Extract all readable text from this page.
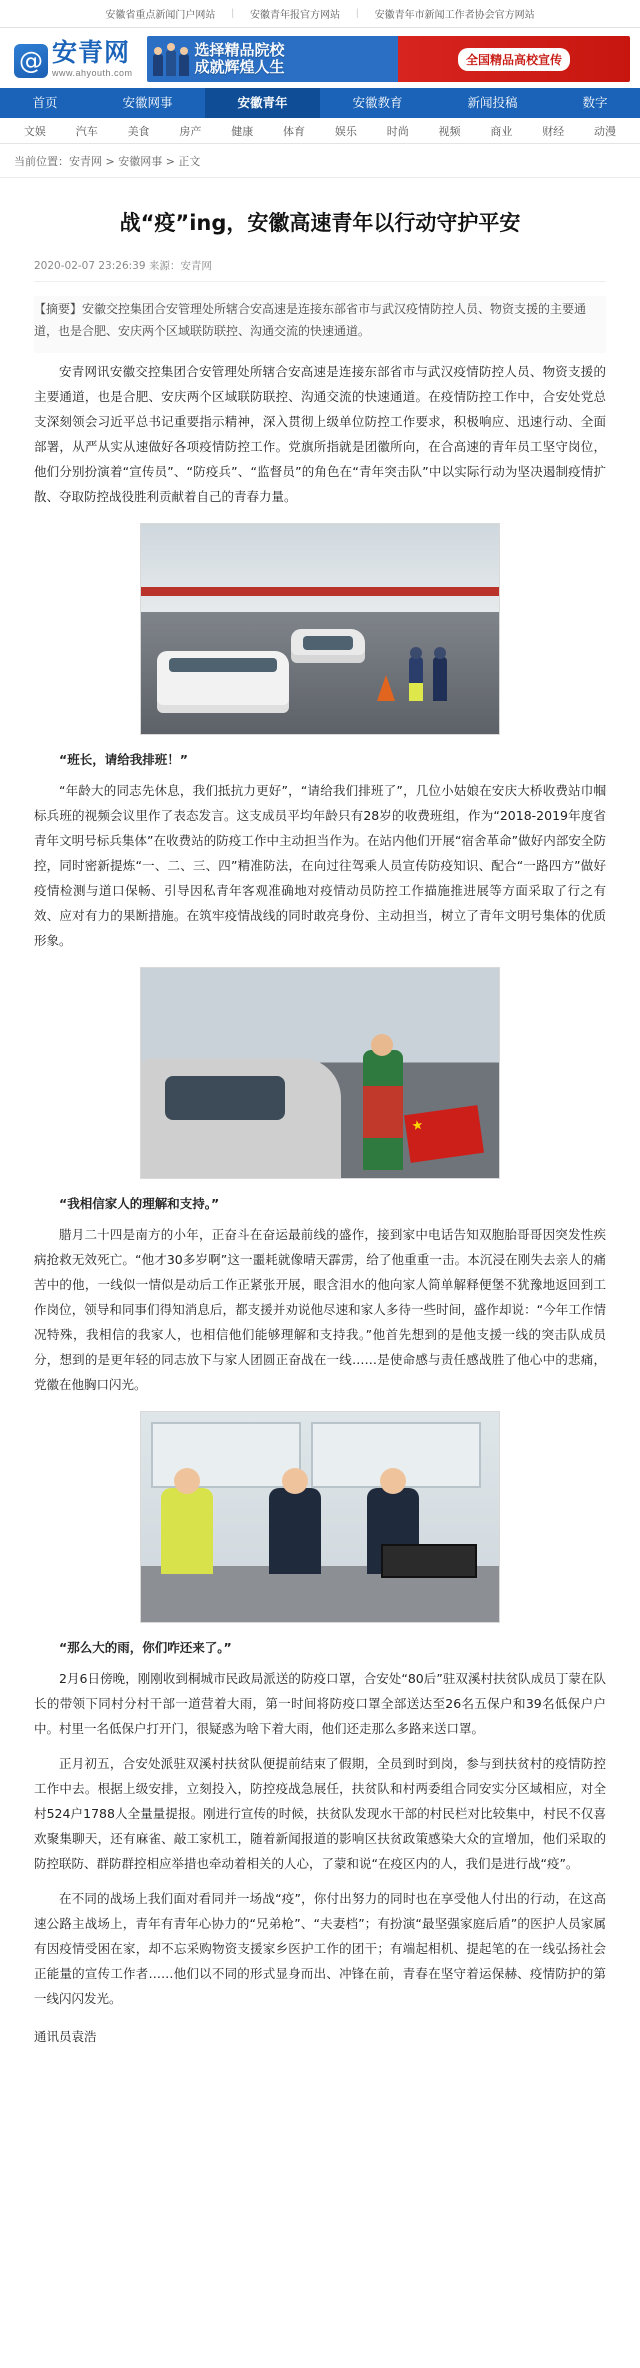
安徽省重点新闻门户网站 | 安徽青年报官方网站 | 安徽青年市新闻工作者协会官方网站
@ 安青网
www.ahyouth.com
选择精品院校
成就辉煌人生	全国精品高校宣传
首页	安徽网事	安徽青年	安徽教育	新闻投稿	数字
文娱	汽车	美食	房产	健康	体育	娱乐	时尚	视频	商业	财经	动漫
当前位置：安青网 > 安徽网事 > 正文
战“疫”ing，安徽高速青年以行动守护平安
2020-02-07 23:26:39 来源：安青网
【摘要】安徽交控集团合安管理处所辖合安高速是连接东部省市与武汉疫情防控人员、物资支援的主要通道，也是合肥、安庆两个区域联防联控、沟通交流的快速通道。

安青网讯安徽交控集团合安管理处所辖合安高速是连接东部省市与武汉疫情防控人员、物资支援的主要通道，也是合肥、安庆两个区域联防联控、沟通交流的快速通道。在疫情防控工作中，合安处党总支深刻领会习近平总书记重要指示精神，深入贯彻上级单位防控工作要求，积极响应、迅速行动、全面部署，从严从实从速做好各项疫情防控工作。党旗所指就是团徽所向，在合高速的青年员工坚守岗位，他们分别扮演着“宣传员”、“防疫兵”、“监督员”的角色在“青年突击队”中以实际行动为坚决遏制疫情扩散、夺取防控战役胜利贡献着自己的青春力量。

“班长，请给我排班！”

“年龄大的同志先休息，我们抵抗力更好”，“请给我们排班了”，几位小姑娘在安庆大桥收费站巾帼标兵班的视频会议里作了表态发言。这支成员平均年龄只有28岁的收费班组，作为“2018-2019年度省青年文明号标兵集体”在收费站的防疫工作中主动担当作为。在站内他们开展“宿舍革命”做好内部安全防控，同时密新提炼“一、二、三、四”精准防法，在向过往驾乘人员宣传防疫知识、配合“一路四方”做好疫情检测与道口保畅、引导因私青年客观准确地对疫情动员防控工作描施推进展等方面采取了行之有效、应对有力的果断措施。在筑牢疫情战线的同时敢亮身份、主动担当，树立了青年文明号集体的优质形象。

★

“我相信家人的理解和支持。”

腊月二十四是南方的小年，正奋斗在奋运最前线的盛作，接到家中电话告知双胞胎哥哥因突发性疾病抢救无效死亡。“他才30多岁啊”这一噩耗就像晴天霹雳，给了他重重一击。本沉浸在刚失去亲人的痛苦中的他，一线似一情似是动后工作正紧张开展，眼含泪水的他向家人简单解释便堡不犹豫地返回到工作岗位，领导和同事们得知消息后，都支援并劝说他尽速和家人多待一些时间，盛作却说：“今年工作情况特殊，我相信的我家人，也相信他们能够理解和支持我。”他首先想到的是他支援一线的突击队成员分，想到的是更年轻的同志放下与家人团圆正奋战在一线……是使命感与责任感战胜了他心中的悲痛，党徽在他胸口闪光。

“那么大的雨，你们咋还来了。”

2月6日傍晚，刚刚收到桐城市民政局派送的防疫口罩，合安处“80后”驻双溪村扶贫队成员丁蒙在队长的带领下同村分村干部一道营着大雨，第一时间将防疫口罩全部送达至26名五保户和39名低保户户中。村里一名低保户打开门，很疑惑为啥下着大雨，他们还走那么多路来送口罩。

正月初五，合安处派驻双溪村扶贫队便提前结束了假期，全员到时到岗，参与到扶贫村的疫情防控工作中去。根据上级安排，立刻投入，防控疫战急展任，扶贫队和村两委组合同安实分区域相应，对全村524户1788人全量量提报。刚进行宣传的时候，扶贫队发现水干部的村民栏对比较集中，村民不仅喜欢聚集聊天，还有麻雀、敲工家机工，随着新闻报道的影响区扶贫政策感染大众的宣增加，他们采取的防控联防、群防群控相应举措也牵动着相关的人心，了蒙和说“在疫区内的人，我们是进行战“疫”。

在不同的战场上我们面对看同并一场战“疫”，你付出努力的同时也在享受他人付出的行动，在这高速公路主战场上，青年有青年心协力的“兄弟枪”、“夫妻档”；有扮演“最坚强家庭后盾”的医护人员家属有因疫情受困在家，却不忘采购物资支援家乡医护工作的团干；有端起相机、提起笔的在一线弘扬社会正能量的宣传工作者……他们以不同的形式显身而出、冲锋在前，青春在坚守着运保赫、疫情防护的第一线闪闪发光。

通讯员袁浩
